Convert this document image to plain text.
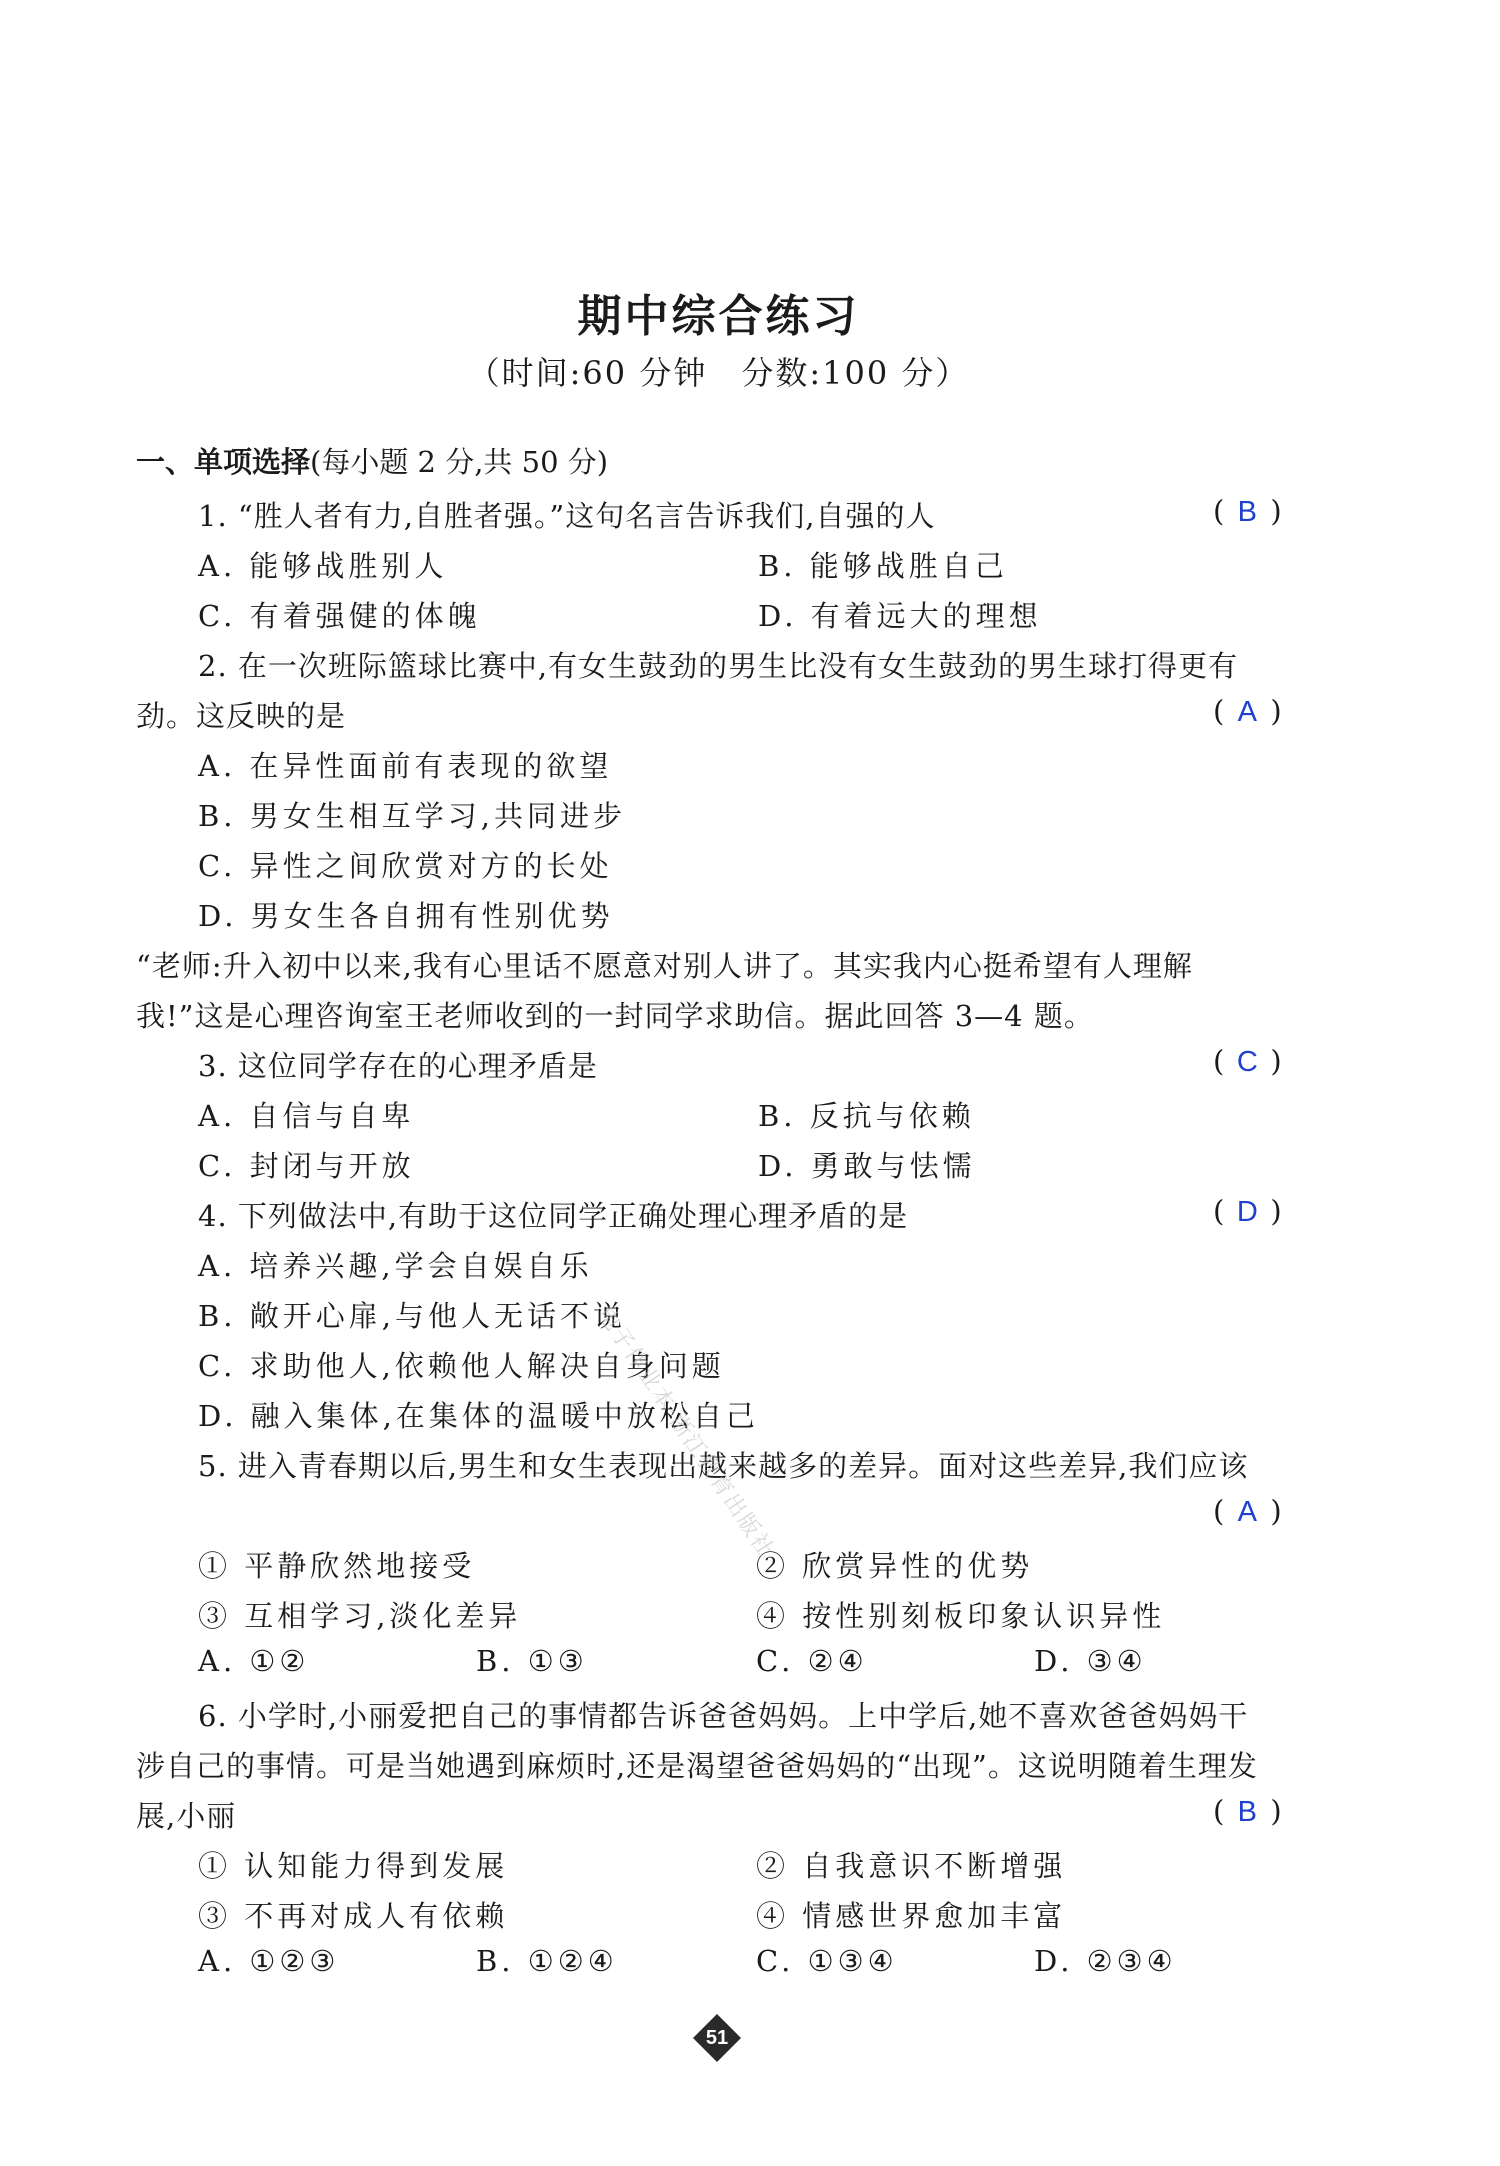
期中综合练习
（时间:60 分钟　分数:100 分）
一、单项选择(每小题 2 分,共 50 分)
1. “胜人者有力,自胜者强。”这句名言告诉我们,自强的人	( B )
A. 能够战胜别人	B. 能够战胜自己
C. 有着强健的体魄	D. 有着远大的理想
2. 在一次班际篮球比赛中,有女生鼓劲的男生比没有女生鼓劲的男生球打得更有
劲。这反映的是	( A )
A. 在异性面前有表现的欲望
B. 男女生相互学习,共同进步
C. 异性之间欣赏对方的长处
D. 男女生各自拥有性别优势
“老师:升入初中以来,我有心里话不愿意对别人讲了。其实我内心挺希望有人理解
我!”这是心理咨询室王老师收到的一封同学求助信。据此回答 3—4 题。
3. 这位同学存在的心理矛盾是	( C )
A. 自信与自卑	B. 反抗与依赖
C. 封闭与开放	D. 勇敢与怯懦
4. 下列做法中,有助于这位同学正确处理心理矛盾的是	( D )
A. 培养兴趣,学会自娱自乐
B. 敞开心扉,与他人无话不说
C. 求助他人,依赖他人解决自身问题
D. 融入集体,在集体的温暖中放松自己
5. 进入青春期以后,男生和女生表现出越来越多的差异。面对这些差异,我们应该
( A )
① 平静欣然地接受	② 欣赏异性的优势
③ 互相学习,淡化差异	④ 按性别刻板印象认识异性
A. ①②	B. ①③	C. ②④	D. ③④
6. 小学时,小丽爱把自己的事情都告诉爸爸妈妈。上中学后,她不喜欢爸爸妈妈干
涉自己的事情。可是当她遇到麻烦时,还是渴望爸爸妈妈的“出现”。这说明随着生理发
展,小丽	( B )
① 认知能力得到发展	② 自我意识不断增强
③ 不再对成人有依赖	④ 情感世界愈加丰富
A. ①②③	B. ①②④	C. ①③④	D. ②③④
电子作业本·浙江教育出版社
51
